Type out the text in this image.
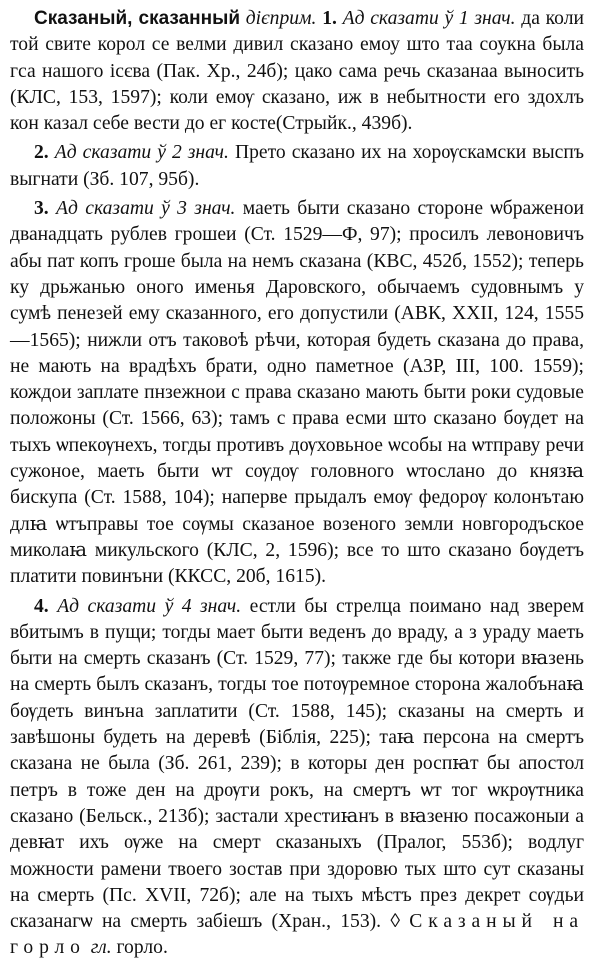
Сказаный, сказанный дієприм. 1. Ад сказати ў 1 знач. да коли той свите корол се велми дивил сказано емоу што таа соукна была гса нашого ісєва (Пак. Хр., 24б); цако сама речь сказана‍а выносить (КЛС, 153, 1597); коли емѹ сказано, иж в небытности его здохлъ кон казал себе вести до ег косте(Стрыйк., 439б).

2. Ад сказати ў 2 знач. Прето сказано их на хорѹскамски выспъ выгнати (Зб. 107, 95б).

3. Ад сказати ў 3 знач. маеть быти сказано стороне ѡбраженои дванадцать рублев грошеи (Ст. 1529—Ф, 97); просилъ левоновичъ абы пат копъ гроше была на немъ сказана (КВС, 452б, 1552); теперь ку дрьжанью оного именья Даровского, обычаемъ судовнымъ у сумѣ пенезей ему сказанного, его допустили (АВК, XXII, 124, 1555—1565); нижли отъ таковоѣ рѣчи, которая будеть сказана до права, не мають на врадѣхъ брати, одно паметное (АЗР, III, 100. 1559); кождои заплате пнзежнои с права сказано мають быти роки судовые положоны (Ст. 1566, 63); тамъ с права есми што сказано бѹдет на тыхъ ѡпекѹнехъ, тогды противъ дѹховьное ѡсобы на ѡтправу речи сужоное, маеть быти ѡт сѹдѹ головного ѡтослано до князꙗ бискупа (Ст. 1588, 104); наперве прыдалъ емѹ федорѹ колонътаю длꙗ ѡтъправы тое сѹмы сказаное возеного земли новгородъское миколаꙗ микульского (КЛС, 2, 1596); все то што сказано бѹдетъ платити повинъни (ККСС, 20б, 1615).

4. Ад сказати ў 4 знач. естли бы стрелца поимано над зверем вбитымъ в пущи; тогды мает быти веденъ до враду, а з ураду маеть быти на смерть сказанъ (Ст. 1529, 77); также где бы котори вꙗзень на смерть былъ сказанъ, тогды тое потѹремное сторона жалобънаꙗ бѹдеть винъна заплатити (Ст. 1588, 145); сказаны на смерть и завѣшоны будеть на деревѣ (Біблія, 225); таꙗ персона на смертъ сказана не была (Зб. 261, 239); в которы ден роспꙗт бы апостол петръ в тоже ден на дрѹги рокъ, на смертъ ѡт тог ѡкрѹтника сказано (Бельск., 213б); застали хрестиꙗнъ в вꙗзеню посажоныи а девꙗт ихъ ѹже на смерт сказаныхъ (Пралог, 553б); водлуг можности рамени твоего зостав при здоровю тых што сут сказаны на смерть (Пс. XVII, 72б); але на тыхъ мѣстъ през декрет сѹдьи сказанагѡ на смерть забіешъ (Хран., 153). ◊ Сказаный на горло гл. горло.
